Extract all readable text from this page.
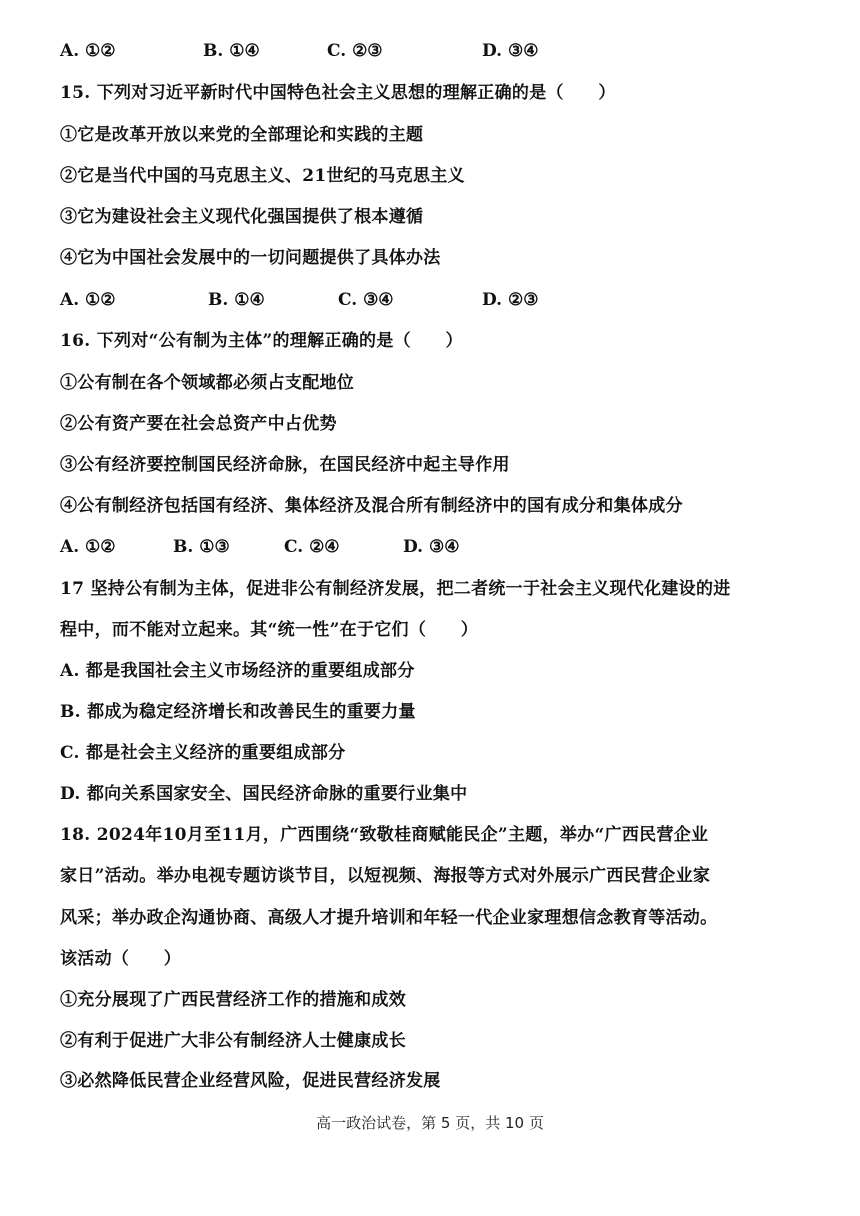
A. ①②	B. ①④	C. ②③	D. ③④
15. 下列对习近平新时代中国特色社会主义思想的理解正确的是（　　）
①它是改革开放以来党的全部理论和实践的主题
②它是当代中国的马克思主义、21世纪的马克思主义
③它为建设社会主义现代化强国提供了根本遵循
④它为中国社会发展中的一切问题提供了具体办法
A. ①②	B. ①④	C. ③④	D. ②③
16. 下列对“公有制为主体”的理解正确的是（　　）
①公有制在各个领域都必须占支配地位
②公有资产要在社会总资产中占优势
③公有经济要控制国民经济命脉，在国民经济中起主导作用
④公有制经济包括国有经济、集体经济及混合所有制经济中的国有成分和集体成分
A. ①②	B. ①③	C. ②④	D. ③④
17 坚持公有制为主体，促进非公有制经济发展，把二者统一于社会主义现代化建设的进
程中，而不能对立起来。其“统一性”在于它们（　　）
A. 都是我国社会主义市场经济的重要组成部分
B. 都成为稳定经济增长和改善民生的重要力量
C. 都是社会主义经济的重要组成部分
D. 都向关系国家安全、国民经济命脉的重要行业集中
18. 2024年10月至11月，广西围绕“致敬桂商赋能民企”主题，举办“广西民营企业
家日”活动。举办电视专题访谈节目，以短视频、海报等方式对外展示广西民营企业家
风采；举办政企沟通协商、高级人才提升培训和年轻一代企业家理想信念教育等活动。
该活动（　　）
①充分展现了广西民营经济工作的措施和成效
②有利于促进广大非公有制经济人士健康成长
③必然降低民营企业经营风险，促进民营经济发展
高一政治试卷，第 5 页，共 10 页
